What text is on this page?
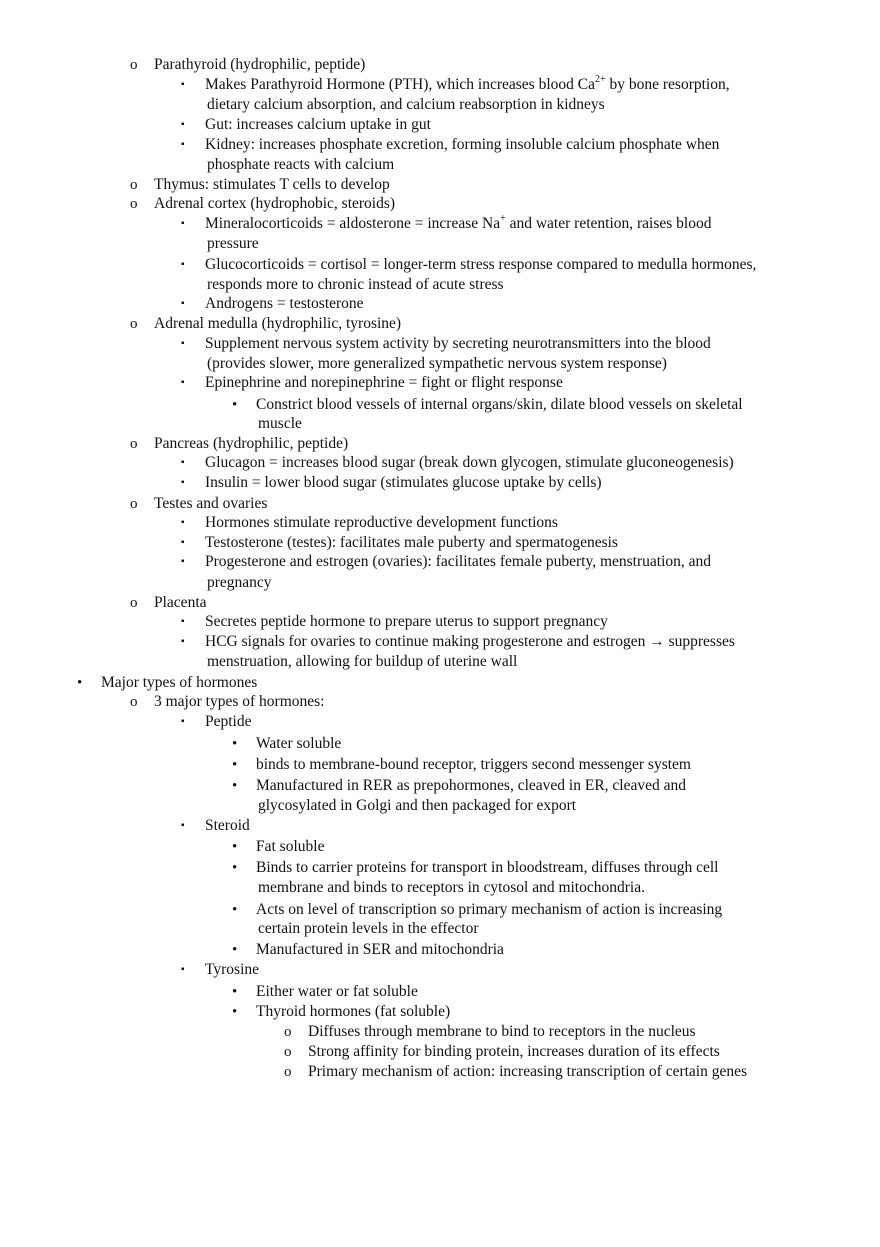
o	Parathyroid (hydrophilic, peptide)
▪	Makes Parathyroid Hormone (PTH), which increases blood $Ca^{2+}$ by bone resorption,
dietary calcium absorption, and calcium reabsorption in kidneys
▪	Gut: increases calcium uptake in gut
▪	Kidney: increases phosphate excretion, forming insoluble calcium phosphate when
phosphate reacts with calcium
o	Thymus: stimulates T cells to develop
o	Adrenal cortex (hydrophobic, steroids)
▪	Mineralocorticoids = aldosterone = increase Na+ and water retention, raises blood
pressure
▪	Glucocorticoids = cortisol = longer-term stress response compared to medulla hormones,
responds more to chronic instead of acute stress
▪	Androgens = testosterone
o	Adrenal medulla (hydrophilic, tyrosine)
▪	Supplement nervous system activity by secreting neurotransmitters into the blood
(provides slower, more generalized sympathetic nervous system response)
▪	Epinephrine and norepinephrine = fight or flight response
•	Constrict blood vessels of internal organs/skin, dilate blood vessels on skeletal
muscle
o	Pancreas (hydrophilic, peptide)
▪	Glucagon = increases blood sugar (break down glycogen, stimulate gluconeogenesis)
▪	Insulin = lower blood sugar (stimulates glucose uptake by cells)
o	Testes and ovaries
▪	Hormones stimulate reproductive development functions
▪	Testosterone (testes): facilitates male puberty and spermatogenesis
▪	Progesterone and estrogen (ovaries): facilitates female puberty, menstruation, and
pregnancy
o	Placenta
▪	Secretes peptide hormone to prepare uterus to support pregnancy
▪	HCG signals for ovaries to continue making progesterone and estrogen → suppresses
menstruation, allowing for buildup of uterine wall
•	Major types of hormones
o	3 major types of hormones:
▪	Peptide
•	Water soluble
•	binds to membrane-bound receptor, triggers second messenger system
•	Manufactured in RER as prepohormones, cleaved in ER, cleaved and
glycosylated in Golgi and then packaged for export
▪	Steroid
•	Fat soluble
•	Binds to carrier proteins for transport in bloodstream, diffuses through cell
membrane and binds to receptors in cytosol and mitochondria.
•	Acts on level of transcription so primary mechanism of action is increasing
certain protein levels in the effector
•	Manufactured in SER and mitochondria
▪	Tyrosine
•	Either water or fat soluble
•	Thyroid hormones (fat soluble)
o	Diffuses through membrane to bind to receptors in the nucleus
o	Strong affinity for binding protein, increases duration of its effects
o	Primary mechanism of action: increasing transcription of certain genes
